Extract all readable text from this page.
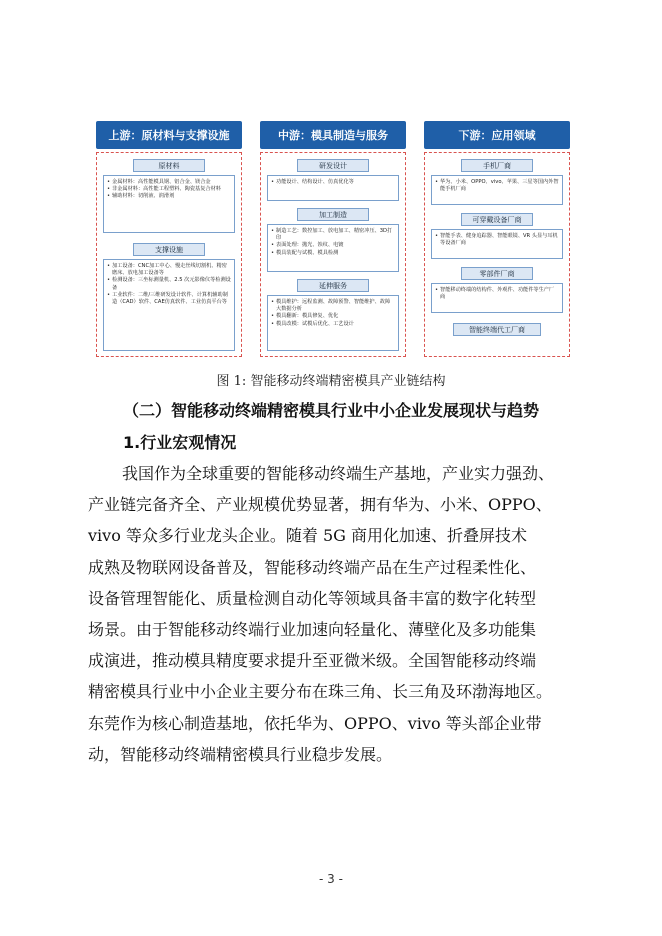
上游：原材料与支撑设施
原材料
• 金属材料：高性能模具钢、铝合金、镁合金
• 非金属材料：高性能工程塑料、陶瓷基复合材料
• 辅助材料：切削液、润滑剂
支撑设施
• 加工设备：CNC加工中心、慢走丝线切割机、精密磨床、放电加工设备等
• 检测设备：三坐标测量机、2.5 次元影像仪等检测设备
• 工业软件：二维/三维研发设计软件、计算机辅助制造（CAD）软件、CAE仿真软件、工业仿真平台等
中游：模具制造与服务
研发设计
• 功能设计、结构设计、仿真优化等
加工制造
• 制造工艺：数控加工、放电加工、精密冲压、3D打印
• 表面处理：抛光、蚀纹、电镀
• 模具装配与试模、模具检测
延伸服务
• 模具维护：远程监测、故障预警、智能维护、故障大数据分析
• 模具翻新：模具修复、优化
• 模具改模：试模后优化、工艺设计
下游：应用领域
手机厂商
• 华为、小米、OPPO、vivo、苹果、三星等国内外智能手机厂商
可穿戴设备厂商
• 智能手表、健身追踪器、智能眼镜、VR 头显与耳机等设备厂商
零部件厂商
• 智能移动终端的结构件、外观件、功能件等生产厂商
智能终端代工厂商
图 1: 智能移动终端精密模具产业链结构
（二）智能移动终端精密模具行业中小企业发展现状与趋势
1.行业宏观情况
我国作为全球重要的智能移动终端生产基地，产业实力强劲、
产业链完备齐全、产业规模优势显著，拥有华为、小米、OPPO、
vivo 等众多行业龙头企业。随着 5G 商用化加速、折叠屏技术
成熟及物联网设备普及，智能移动终端产品在生产过程柔性化、
设备管理智能化、质量检测自动化等领域具备丰富的数字化转型
场景。由于智能移动终端行业加速向轻量化、薄壁化及多功能集
成演进，推动模具精度要求提升至亚微米级。全国智能移动终端
精密模具行业中小企业主要分布在珠三角、长三角及环渤海地区。
东莞作为核心制造基地，依托华为、OPPO、vivo 等头部企业带
动，智能移动终端精密模具行业稳步发展。
- 3 -
